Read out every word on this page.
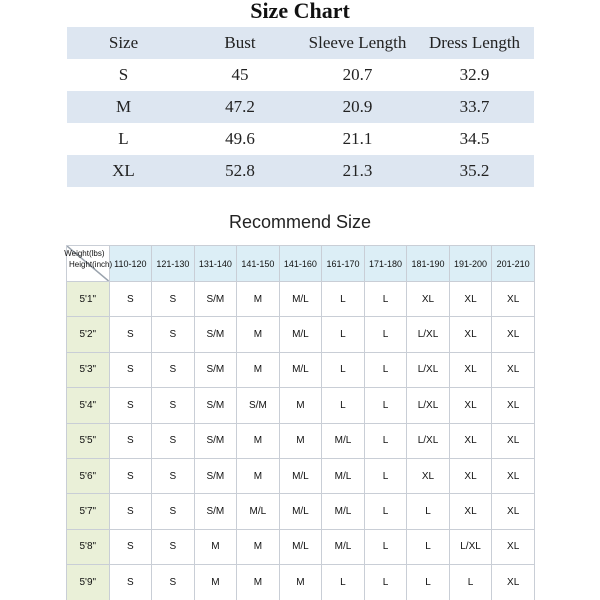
Size Chart
Size	Bust	Sleeve Length	Dress Length
S	45	20.7	32.9
M	47.2	20.9	33.7
L	49.6	21.1	34.5
XL	52.8	21.3	35.2
Recommend Size
Weight(lbs)
Height(inch)	110-120	121-130	131-140	141-150	141-160	161-170	171-180	181-190	191-200	201-210
5'1"	S	S	S/M	M	M/L	L	L	XL	XL	XL
5'2"	S	S	S/M	M	M/L	L	L	L/XL	XL	XL
5'3"	S	S	S/M	M	M/L	L	L	L/XL	XL	XL
5'4"	S	S	S/M	S/M	M	L	L	L/XL	XL	XL
5'5"	S	S	S/M	M	M	M/L	L	L/XL	XL	XL
5'6"	S	S	S/M	M	M/L	M/L	L	XL	XL	XL
5'7"	S	S	S/M	M/L	M/L	M/L	L	L	XL	XL
5'8"	S	S	M	M	M/L	M/L	L	L	L/XL	XL
5'9"	S	S	M	M	M	L	L	L	L	XL
